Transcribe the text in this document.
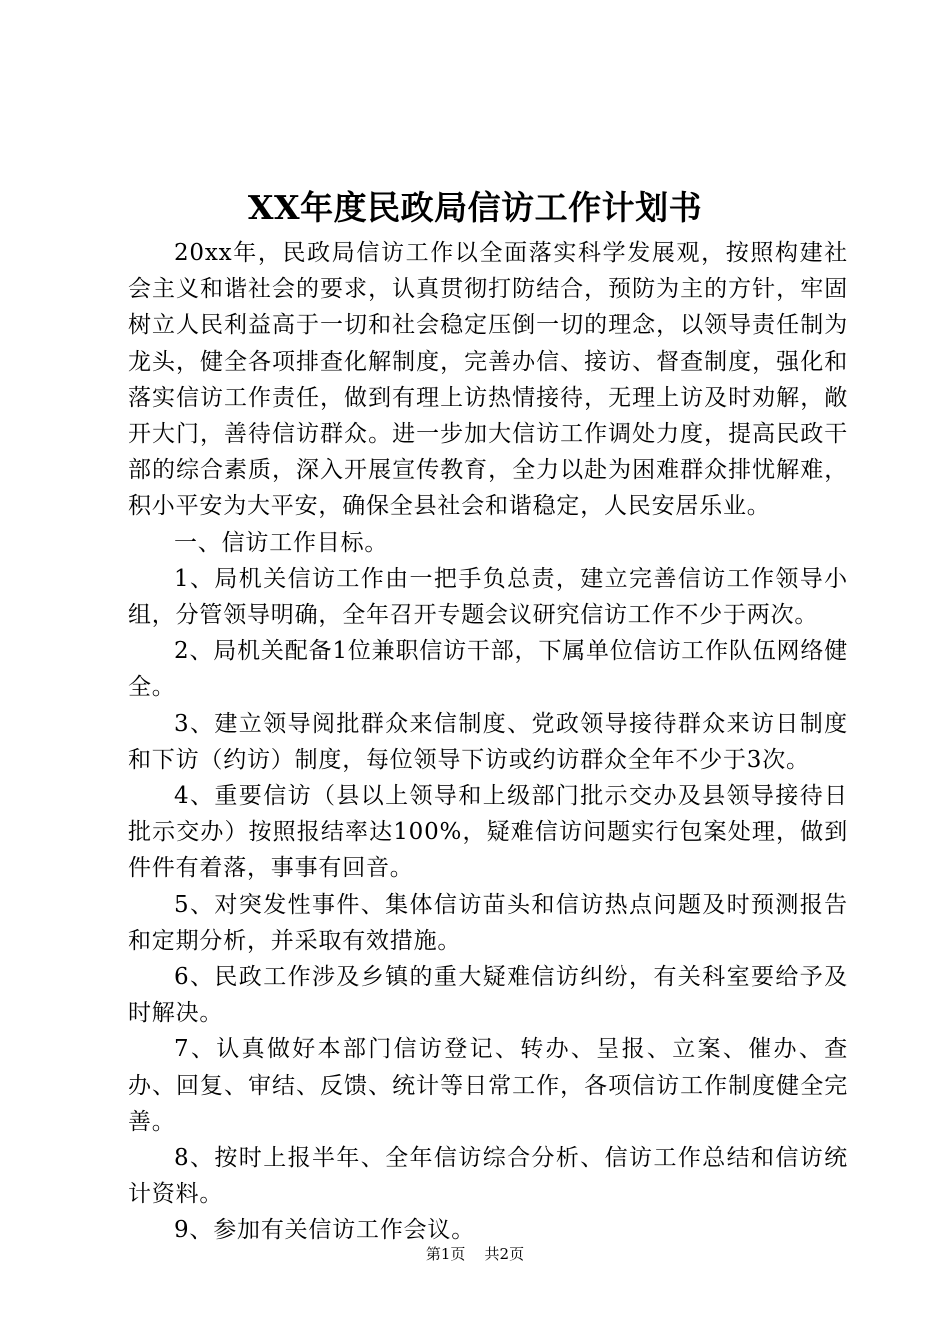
XX年度民政局信访工作计划书

20xx年，民政局信访工作以全面落实科学发展观，按照构建社会主义和谐社会的要求，认真贯彻打防结合，预防为主的方针，牢固树立人民利益高于一切和社会稳定压倒一切的理念，以领导责任制为龙头，健全各项排查化解制度，完善办信、接访、督查制度，强化和落实信访工作责任，做到有理上访热情接待，无理上访及时劝解，敞开大门，善待信访群众。进一步加大信访工作调处力度，提高民政干部的综合素质，深入开展宣传教育，全力以赴为困难群众排忧解难，积小平安为大平安，确保全县社会和谐稳定，人民安居乐业。

一、信访工作目标。

1、局机关信访工作由一把手负总责，建立完善信访工作领导小组，分管领导明确，全年召开专题会议研究信访工作不少于两次。

2、局机关配备1位兼职信访干部，下属单位信访工作队伍网络健全。

3、建立领导阅批群众来信制度、党政领导接待群众来访日制度和下访（约访）制度，每位领导下访或约访群众全年不少于3次。

4、重要信访（县以上领导和上级部门批示交办及县领导接待日批示交办）按照报结率达100%，疑难信访问题实行包案处理，做到件件有着落，事事有回音。

5、对突发性事件、集体信访苗头和信访热点问题及时预测报告和定期分析，并采取有效措施。

6、民政工作涉及乡镇的重大疑难信访纠纷，有关科室要给予及时解决。

7、认真做好本部门信访登记、转办、呈报、立案、催办、查办、回复、审结、反馈、统计等日常工作，各项信访工作制度健全完善。

8、按时上报半年、全年信访综合分析、信访工作总结和信访统计资料。

9、参加有关信访工作会议。

第1页 共2页
